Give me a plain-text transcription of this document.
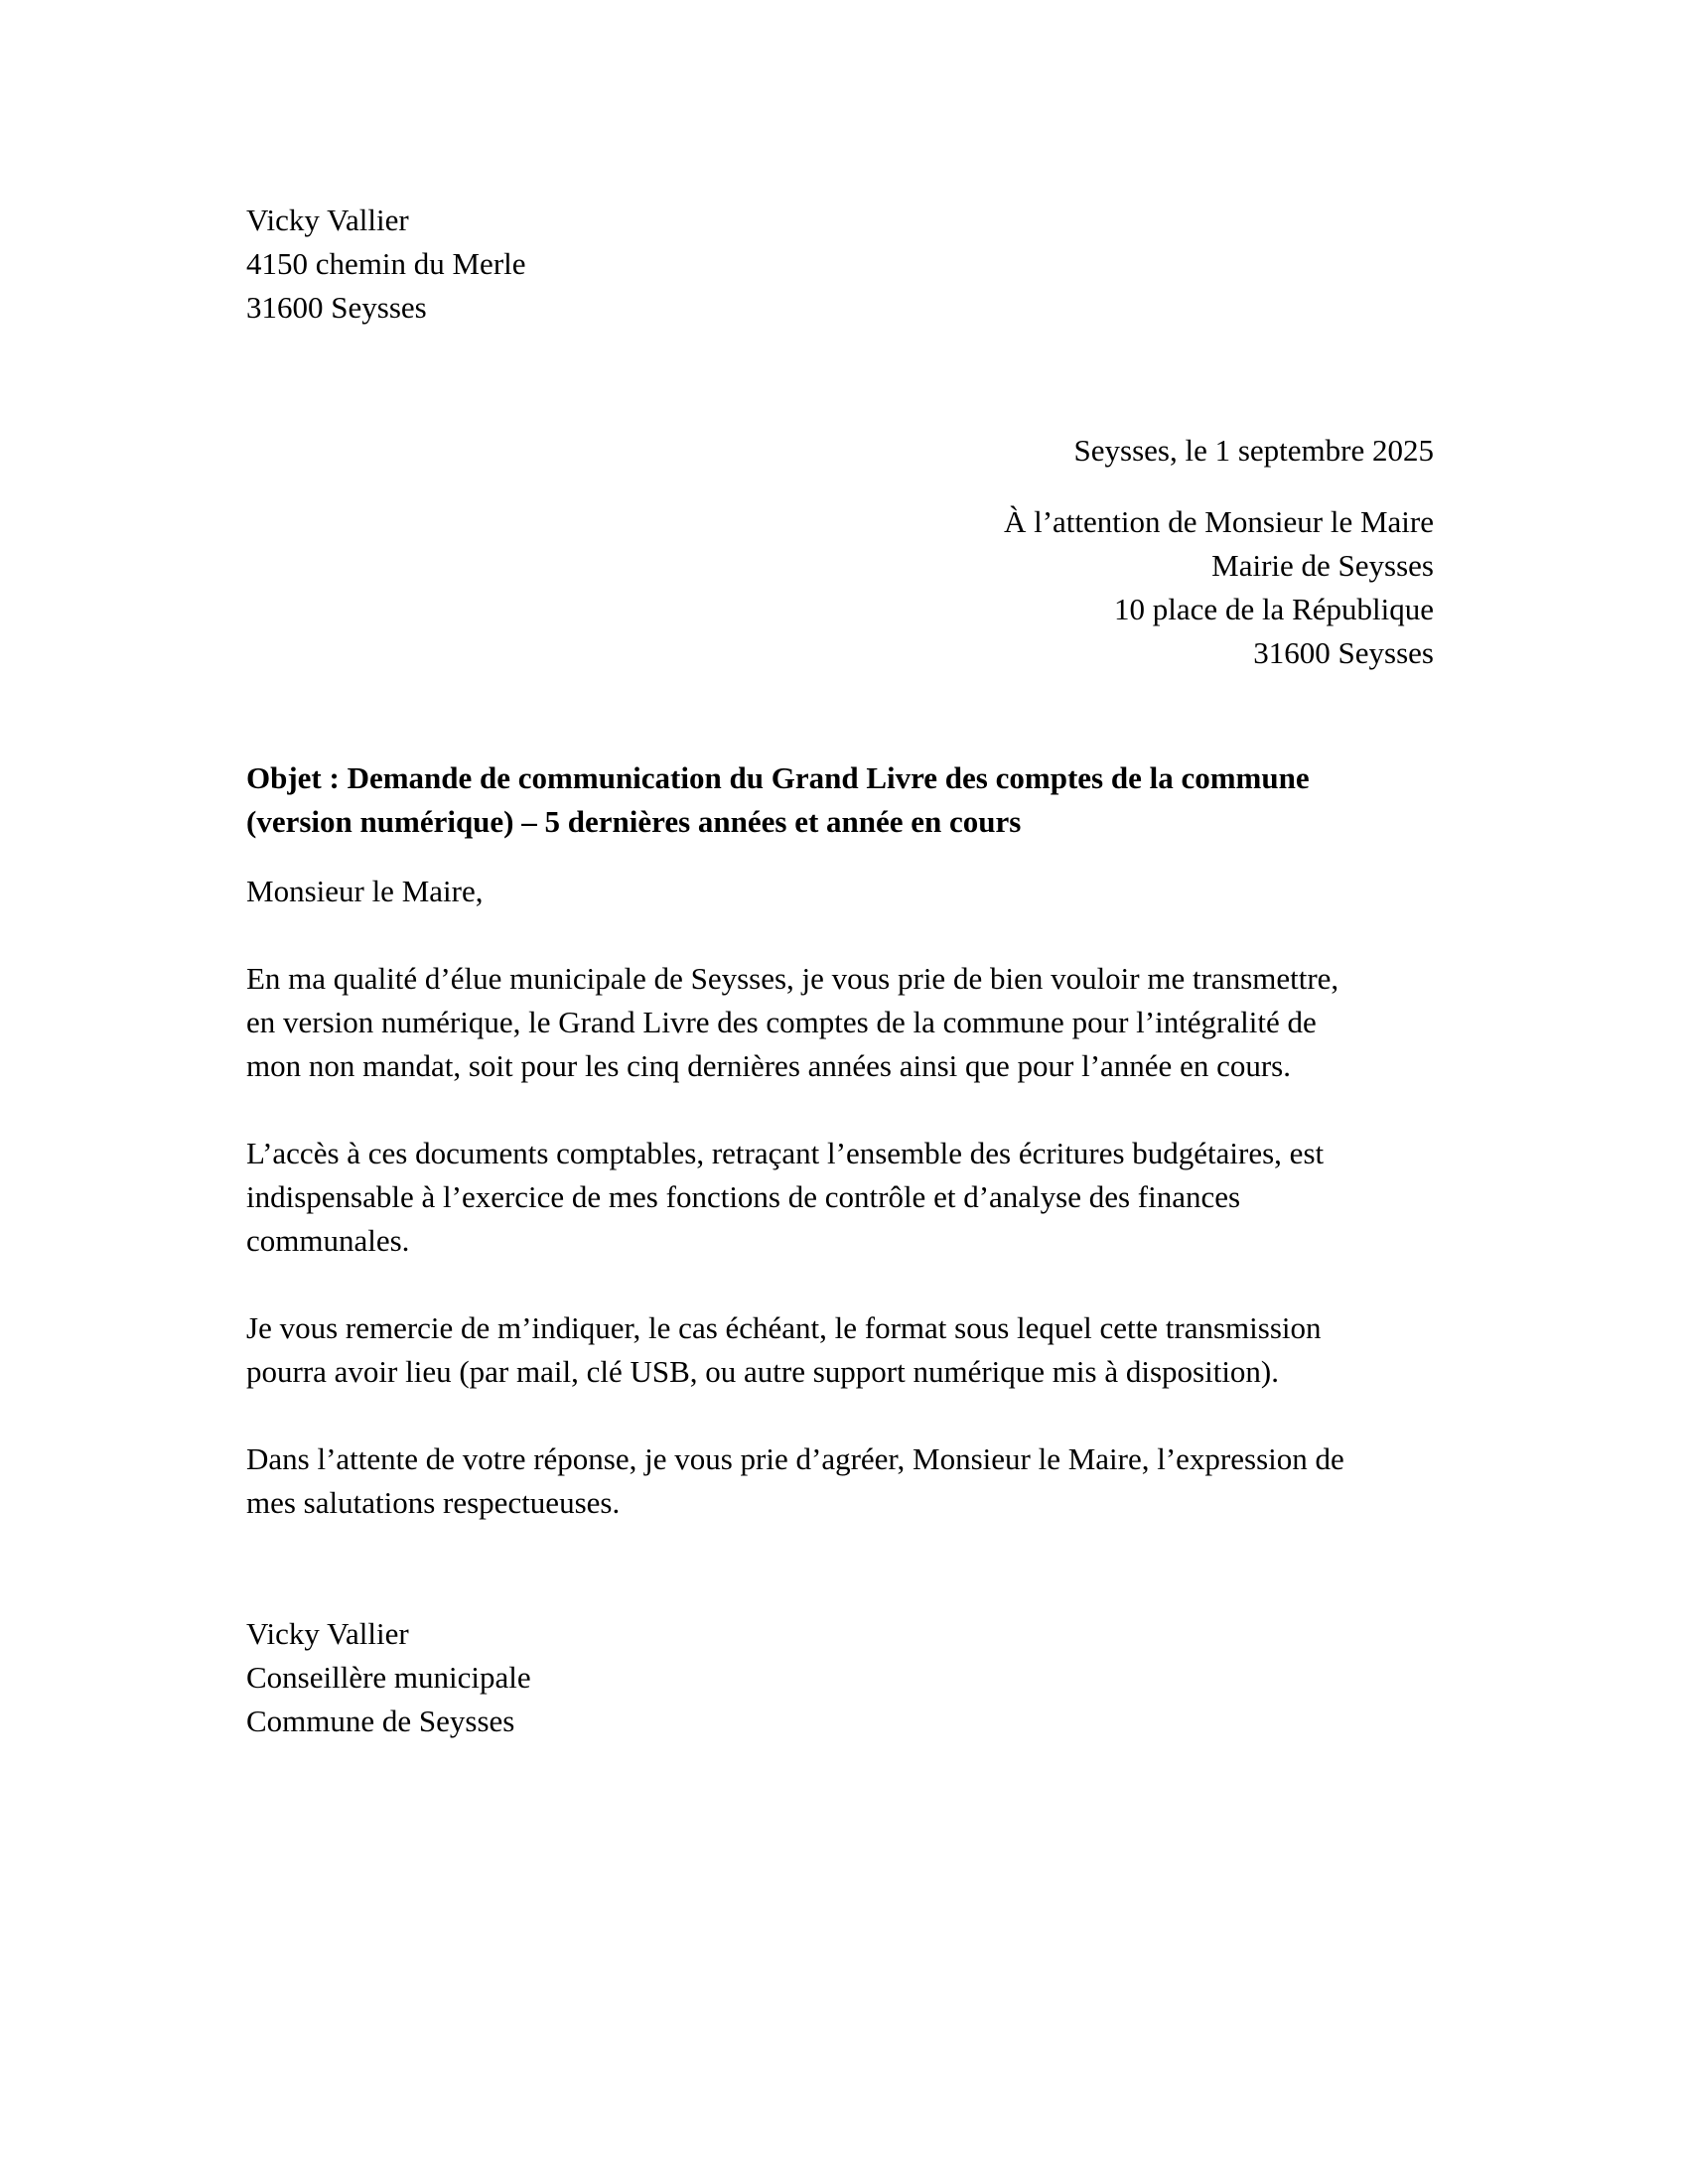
Vicky Vallier
4150 chemin du Merle
31600 Seysses
Seysses, le 1 septembre 2025
À l’attention de Monsieur le Maire
Mairie de Seysses
10 place de la République
31600 Seysses
Objet : Demande de communication du Grand Livre des comptes de la commune
(version numérique) – 5 dernières années et année en cours
Monsieur le Maire,
En ma qualité d’élue municipale de Seysses, je vous prie de bien vouloir me transmettre,
en version numérique, le Grand Livre des comptes de la commune pour l’intégralité de
mon non mandat, soit pour les cinq dernières années ainsi que pour l’année en cours.
L’accès à ces documents comptables, retraçant l’ensemble des écritures budgétaires, est
indispensable à l’exercice de mes fonctions de contrôle et d’analyse des finances
communales.
Je vous remercie de m’indiquer, le cas échéant, le format sous lequel cette transmission
pourra avoir lieu (par mail, clé USB, ou autre support numérique mis à disposition).
Dans l’attente de votre réponse, je vous prie d’agréer, Monsieur le Maire, l’expression de
mes salutations respectueuses.
Vicky Vallier
Conseillère municipale
Commune de Seysses
